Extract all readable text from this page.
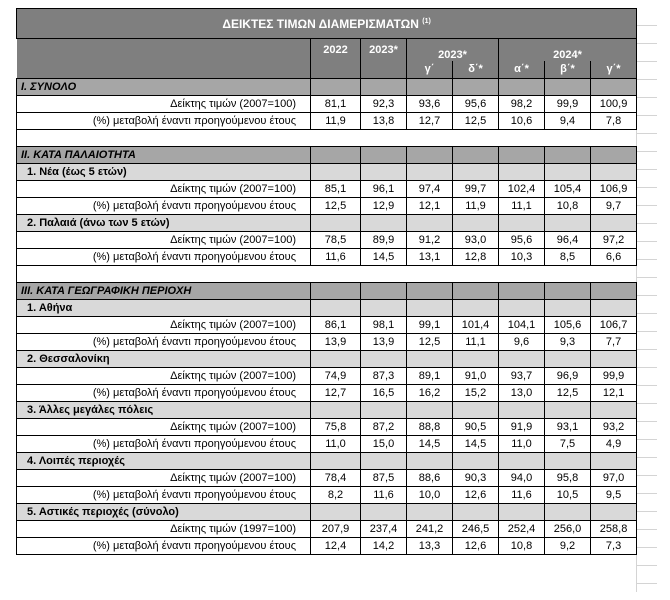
ΔΕΙΚΤΕΣ ΤΙΜΩΝ ΔΙΑΜΕΡΙΣΜΑΤΩΝ $^{(1)}$
	2022	2023*	2023*		2024*		
			γ΄	δ΄*	α΄*	β΄*	γ΄*
I. ΣΥΝΟΛΟ							
Δείκτης τιμών (2007=100)	81,1	92,3	93,6	95,6	98,2	99,9	100,9
(%) μεταβολή έναντι προηγούμενου έτους	11,9	13,8	12,7	12,5	10,6	9,4	7,8

II. ΚΑΤΑ ΠΑΛΑΙΟΤΗΤΑ							
1. Νέα (έως 5 ετών)							
Δείκτης τιμών (2007=100)	85,1	96,1	97,4	99,7	102,4	105,4	106,9
(%) μεταβολή έναντι προηγούμενου έτους	12,5	12,9	12,1	11,9	11,1	10,8	9,7
2. Παλαιά (άνω των 5 ετών)							
Δείκτης τιμών (2007=100)	78,5	89,9	91,2	93,0	95,6	96,4	97,2
(%) μεταβολή έναντι προηγούμενου έτους	11,6	14,5	13,1	12,8	10,3	8,5	6,6

III. ΚΑΤΑ ΓΕΩΓΡΑΦΙΚΗ ΠΕΡΙΟΧΗ							
1. Αθήνα							
Δείκτης τιμών (2007=100)	86,1	98,1	99,1	101,4	104,1	105,6	106,7
(%) μεταβολή έναντι προηγούμενου έτους	13,9	13,9	12,5	11,1	9,6	9,3	7,7
2. Θεσσαλονίκη							
Δείκτης τιμών (2007=100)	74,9	87,3	89,1	91,0	93,7	96,9	99,9
(%) μεταβολή έναντι προηγούμενου έτους	12,7	16,5	16,2	15,2	13,0	12,5	12,1
3. Άλλες μεγάλες πόλεις							
Δείκτης τιμών (2007=100)	75,8	87,2	88,8	90,5	91,9	93,1	93,2
(%) μεταβολή έναντι προηγούμενου έτους	11,0	15,0	14,5	14,5	11,0	7,5	4,9
4. Λοιπές περιοχές							
Δείκτης τιμών (2007=100)	78,4	87,5	88,6	90,3	94,0	95,8	97,0
(%) μεταβολή έναντι προηγούμενου έτους	8,2	11,6	10,0	12,6	11,6	10,5	9,5
5. Αστικές περιοχές (σύνολο)							
Δείκτης τιμών (1997=100)	207,9	237,4	241,2	246,5	252,4	256,0	258,8
(%) μεταβολή έναντι προηγούμενου έτους	12,4	14,2	13,3	12,6	10,8	9,2	7,3
